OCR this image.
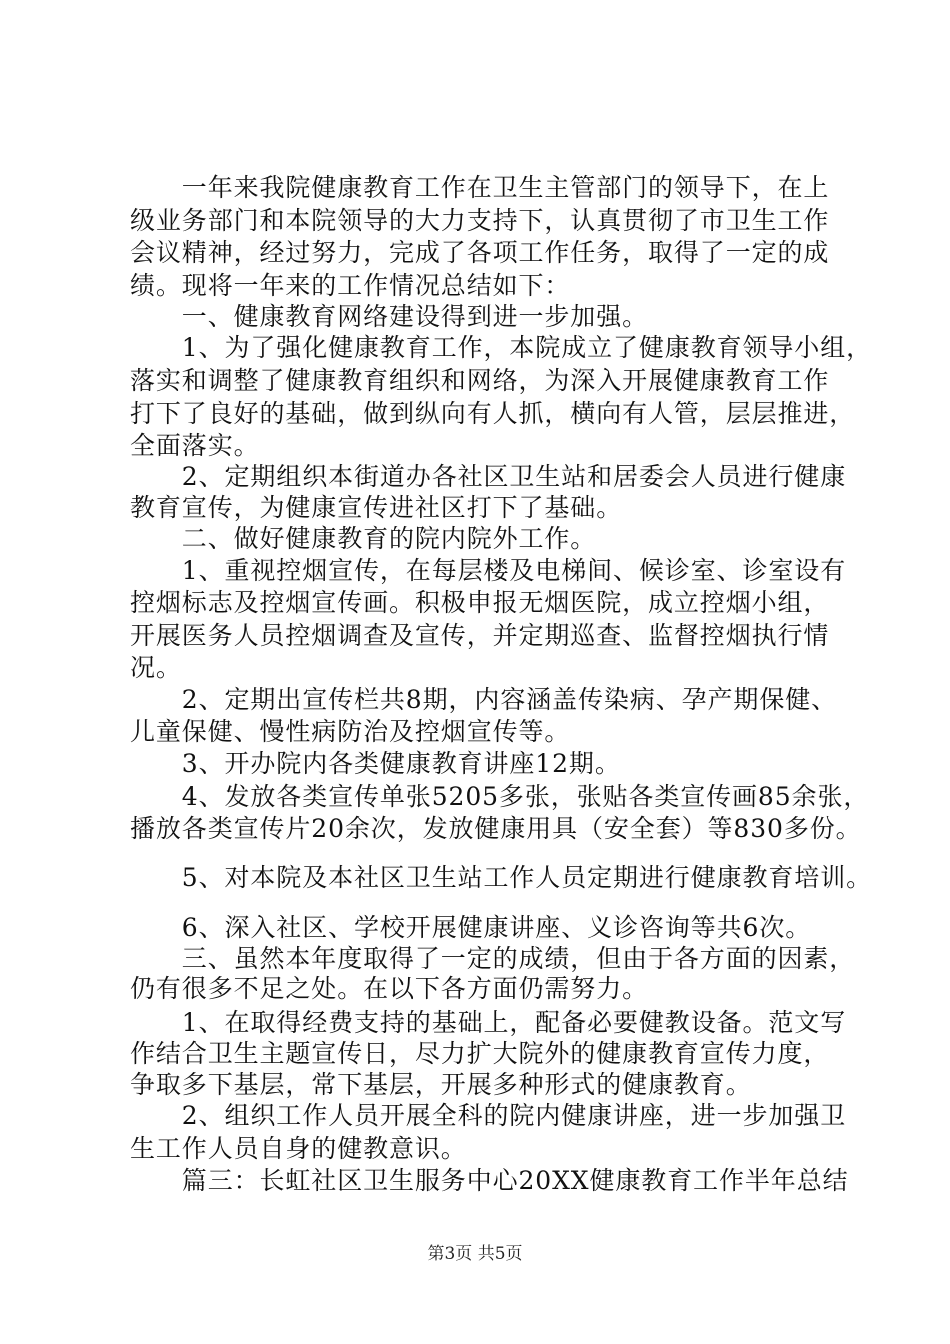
　　一年来我院健康教育工作在卫生主管部门的领导下，在上
级业务部门和本院领导的大力支持下，认真贯彻了市卫生工作
会议精神，经过努力，完成了各项工作任务，取得了一定的成
绩。现将一年来的工作情况总结如下：
　　一、健康教育网络建设得到进一步加强。
　　1、为了强化健康教育工作，本院成立了健康教育领导小组，
落实和调整了健康教育组织和网络，为深入开展健康教育工作
打下了良好的基础，做到纵向有人抓，横向有人管，层层推进，
全面落实。
　　2、定期组织本街道办各社区卫生站和居委会人员进行健康
教育宣传，为健康宣传进社区打下了基础。
　　二、做好健康教育的院内院外工作。
　　1、重视控烟宣传，在每层楼及电梯间、候诊室、诊室设有
控烟标志及控烟宣传画。积极申报无烟医院，成立控烟小组，
开展医务人员控烟调查及宣传，并定期巡查、监督控烟执行情
况。
　　2、定期出宣传栏共8期，内容涵盖传染病、孕产期保健、
儿童保健、慢性病防治及控烟宣传等。
　　3、开办院内各类健康教育讲座12期。
　　4、发放各类宣传单张5205多张，张贴各类宣传画85余张，
播放各类宣传片20余次，发放健康用具（安全套）等830多份。
　　5、对本院及本社区卫生站工作人员定期进行健康教育培训。
　　6、深入社区、学校开展健康讲座、义诊咨询等共6次。
　　三、虽然本年度取得了一定的成绩，但由于各方面的因素，
仍有很多不足之处。在以下各方面仍需努力。
　　1、在取得经费支持的基础上，配备必要健教设备。范文写
作结合卫生主题宣传日，尽力扩大院外的健康教育宣传力度，
争取多下基层，常下基层，开展多种形式的健康教育。
　　2、组织工作人员开展全科的院内健康讲座，进一步加强卫
生工作人员自身的健教意识。
　　篇三：长虹社区卫生服务中心20XX健康教育工作半年总结
第3页 共5页
